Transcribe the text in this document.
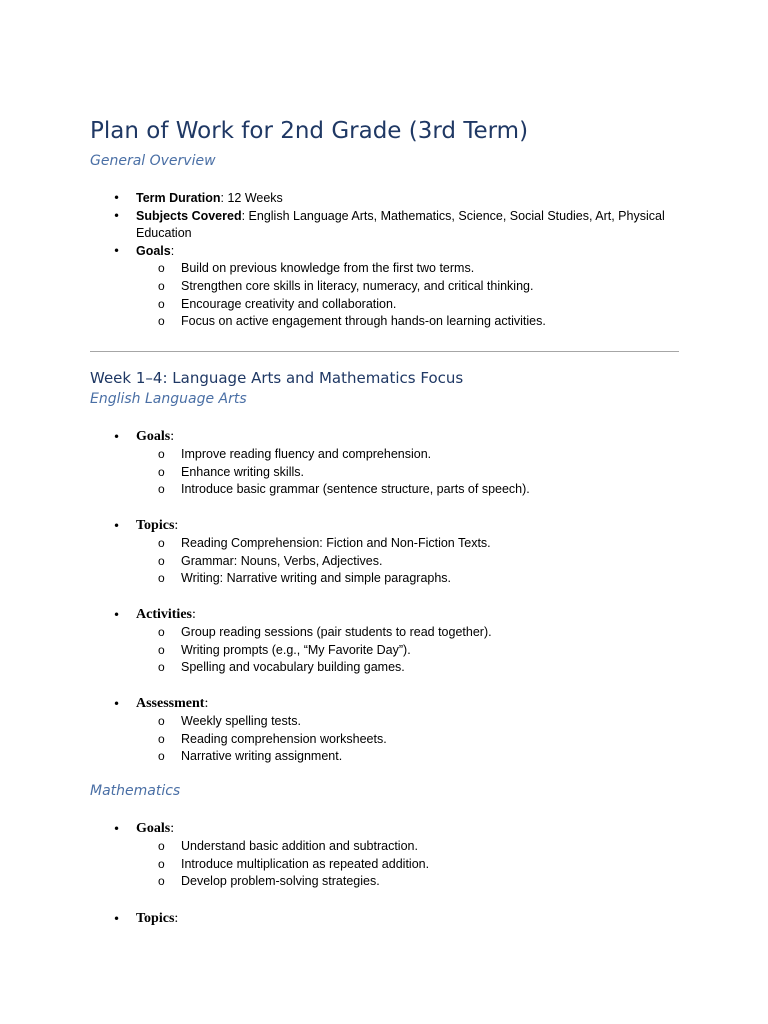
Plan of Work for 2nd Grade (3rd Term)
General Overview
• Term Duration: 12 Weeks
• Subjects Covered: English Language Arts, Mathematics, Science, Social Studies, Art, Physical
Education
• Goals:
o Build on previous knowledge from the first two terms.
o Strengthen core skills in literacy, numeracy, and critical thinking.
o Encourage creativity and collaboration.
o Focus on active engagement through hands-on learning activities.
Week 1–4: Language Arts and Mathematics Focus
English Language Arts
• Goals:
o Improve reading fluency and comprehension.
o Enhance writing skills.
o Introduce basic grammar (sentence structure, parts of speech).
• Topics:
o Reading Comprehension: Fiction and Non-Fiction Texts.
o Grammar: Nouns, Verbs, Adjectives.
o Writing: Narrative writing and simple paragraphs.
• Activities:
o Group reading sessions (pair students to read together).
o Writing prompts (e.g., “My Favorite Day”).
o Spelling and vocabulary building games.
• Assessment:
o Weekly spelling tests.
o Reading comprehension worksheets.
o Narrative writing assignment.
Mathematics
• Goals:
o Understand basic addition and subtraction.
o Introduce multiplication as repeated addition.
o Develop problem-solving strategies.
• Topics:
